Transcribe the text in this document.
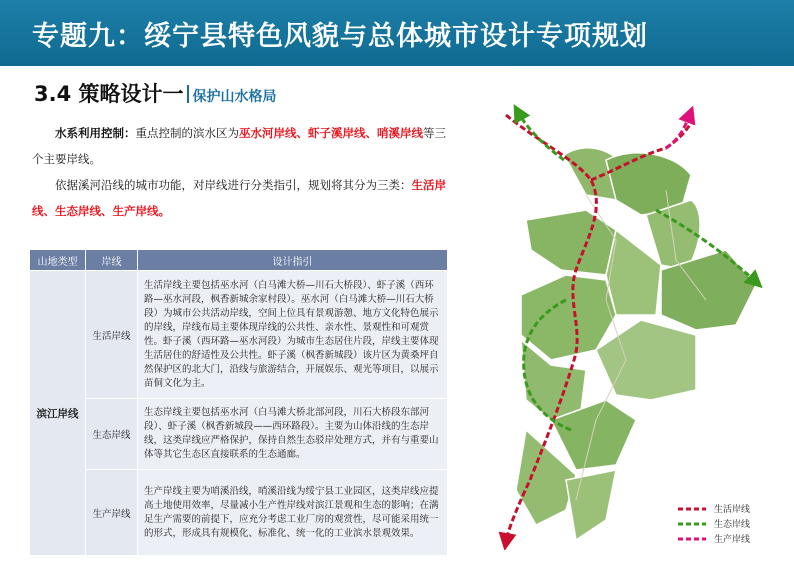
专题九：绥宁县特色风貌与总体城市设计专项规划
3.4 策略设计一 保护山水格局

水系利用控制：重点控制的滨水区为巫水河岸线、虾子溪岸线、哨溪岸线等三个主要岸线。

依据溪河沿线的城市功能，对岸线进行分类指引，规划将其分为三类：生活岸线、生态岸线、生产岸线。

山地类型	岸线	设计指引
滨江岸线	生活岸线	生活岸线主要包括巫水河（白马滩大桥—川石大桥段）、虾子溪（西环路—巫水河段，枫香新城余家村段）。巫水河（白马滩大桥—川石大桥段）为城市公共活动岸线，空间上位具有景观游憩、地方文化特色展示的岸线，岸线布局主要体现岸线的公共性、亲水性、景观性和可观赏性。虾子溪（西环路—巫水河段）为城市生态居住片段，岸线主要体现生活居住的舒适性及公共性。虾子溪（枫香新城段）该片区为黄桑坪自然保护区的北大门，沿线与旅游结合，开展娱乐、观光等项目，以展示苗侗文化为主。
	生态岸线	生态岸线主要包括巫水河（白马滩大桥北部河段，川石大桥段东部河段）、虾子溪（枫香新城段——西环路段）。主要为山体沿线的生态岸线，这类岸线应严格保护，保持自然生态驳岸处理方式，并有与重要山体等其它生态区直接联系的生态通廊。
	生产岸线	生产岸线主要为哨溪沿线，哨溪沿线为绥宁县工业园区，这类岸线应提高土地使用效率，尽量减小生产性岸线对滨江景观和生态的影响；在满足生产需要的前提下，应充分考虑工业厂房的观赏性，尽可能采用统一的形式，形成具有规模化、标准化、统一化的工业滨水景观效果。
生活岸线
生态岸线
生产岸线
